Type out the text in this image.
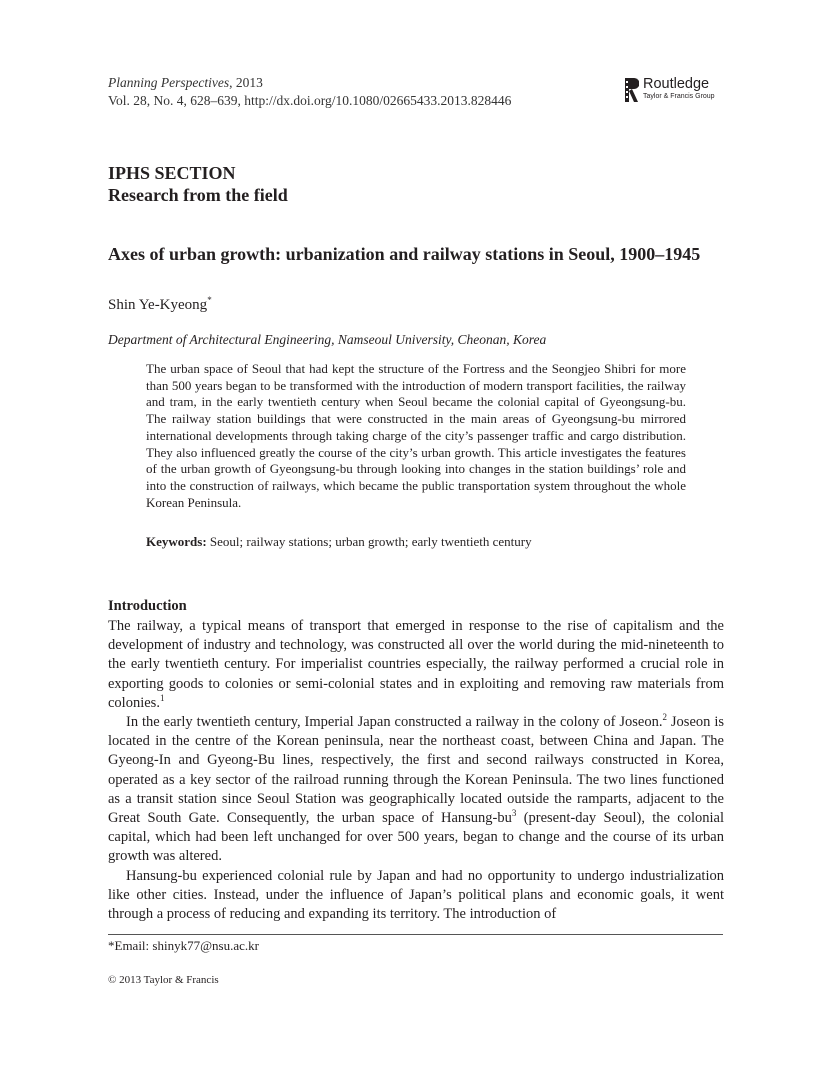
Planning Perspectives, 2013
Vol. 28, No. 4, 628–639, http://dx.doi.org/10.1080/02665433.2013.828446
Routledge
Taylor & Francis Group
IPHS SECTION
Research from the field
Axes of urban growth: urbanization and railway stations in Seoul, 1900–1945
Shin Ye-Kyeong*
Department of Architectural Engineering, Namseoul University, Cheonan, Korea
The urban space of Seoul that had kept the structure of the Fortress and the Seongjeo Shibri for more than 500 years began to be transformed with the introduction of modern transport facilities, the railway and tram, in the early twentieth century when Seoul became the colonial capital of Gyeongsung-bu. The railway station buildings that were constructed in the main areas of Gyeongsung-bu mirrored international developments through taking charge of the city’s passenger traffic and cargo distribution. They also influenced greatly the course of the city’s urban growth. This article investigates the features of the urban growth of Gyeongsung-bu through looking into changes in the station buildings’ role and into the construction of railways, which became the public transportation system throughout the whole Korean Peninsula.
Keywords: Seoul; railway stations; urban growth; early twentieth century
Introduction

The railway, a typical means of transport that emerged in response to the rise of capitalism and the development of industry and technology, was constructed all over the world during the mid-nineteenth to the early twentieth century. For imperialist countries especially, the railway performed a crucial role in exporting goods to colonies or semi-colonial states and in exploiting and removing raw materials from colonies.$^1$

In the early twentieth century, Imperial Japan constructed a railway in the colony of Joseon.$^2$ Joseon is located in the centre of the Korean peninsula, near the northeast coast, between China and Japan. The Gyeong-In and Gyeong-Bu lines, respectively, the first and second railways constructed in Korea, operated as a key sector of the railroad running through the Korean Peninsula. The two lines functioned as a transit station since Seoul Station was geographically located outside the ramparts, adjacent to the Great South Gate. Consequently, the urban space of Hansung-$bu^3$ (present-day Seoul), the colonial capital, which had been left unchanged for over 500 years, began to change and the course of its urban growth was altered.

Hansung-bu experienced colonial rule by Japan and had no opportunity to undergo industrialization like other cities. Instead, under the influence of Japan’s political plans and economic goals, it went through a process of reducing and expanding its territory. The introduction of

*Email: shinyk77@nsu.ac.kr
© 2013 Taylor & Francis
